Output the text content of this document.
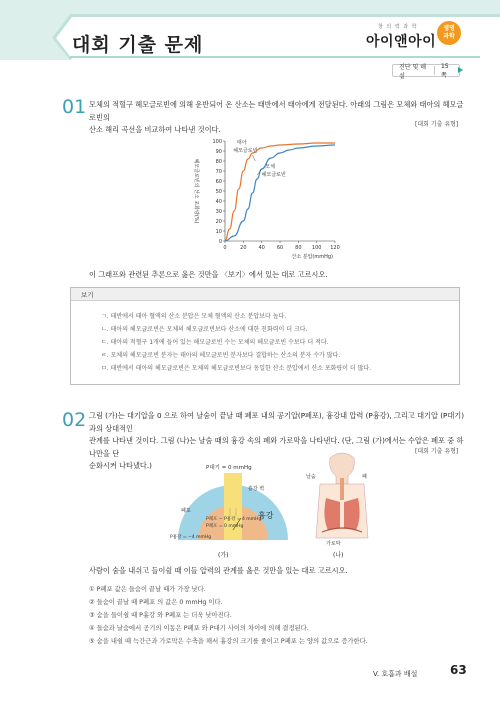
대회 기출 문제
창 의 력 과 학
아이앤아이
생명
과학
진단 및 해설
15쪽
01 모체의 적혈구 헤모글로빈에 의해 운반되어 온 산소는 태반에서 태아에게 전달된다. 아래의 그림은 모체와 태아의 헤모글로빈의
산소 해리 곡선을 비교하여 나타낸 것이다.
[대회 기출 유형]
0
10
20
30
40
50
60
70
80
90
100
0	20 40 60 80 100 120
산소 분압(mmHg)
헤모글로빈의 산소 포화량(%)
태아
헤모글로빈
모체
헤모글로빈
이 그래프와 관련된 추론으로 옳은 것만을 〈보기〉에서 있는 대로 고르시오.
보기
ㄱ. 태반에서 태아 혈액의 산소 분압은 모체 혈액의 산소 분압보다 높다.
ㄴ. 태아의 헤모글로빈은 모체의 헤모글로빈보다 산소에 대한 친화력이 더 크다.
ㄷ. 태아의 적혈구 1개에 들어 있는 헤모글로빈 수는 모체의 헤모글로빈 수보다 더 적다.
ㄹ. 모체의 헤모글로빈 분자는 태아의 헤모글로빈 분자보다 결합하는 산소의 분자 수가 많다.
ㅁ. 태반에서 태아의 헤모글로빈은 모체의 헤모글로빈보다 동일한 산소 분압에서 산소 포화량이 더 많다.
02 그림 (가)는 대기압을 0 으로 하여 날숨이 끝날 때 폐포 내의 공기압(P폐포), 흉강내 압력 (P흉강), 그리고 대기압 (P대기)과의 상대적인
관계를 나타낸 것이다. 그림 (나)는 날숨 때의 흉강 속의 폐와 가로막을 나타낸다. (단, 그림 (가)에서는 수압은 폐포 중 하나만을 단
순화시켜 나타냈다.)
[대회 기출 유형]
P대기 = 0 mmHg
흉강 벽
폐포	흉강
P폐포 − P흉강 = 4 mmHg
P폐포 = 0 mmHg
P흉강 = −4 mmHg
(가)
날숨	폐
가로막
(나)
사람이 숨을 내쉬고 들이쉴 때 이들 압력의 관계를 옳은 것만을 있는 대로 고르시오.
① P폐포 값은 들숨이 끝날 때가 가장 낮다.
② 들숨이 끝날 때 P폐포 의 값은 0 mmHg 이다.
③ 숨을 들이쉴 때 P흉강 와 P폐포 는 더욱 낮아진다.
④ 들숨과 날숨에서 공기의 이동은 P폐포 와 P대기 사이의 차이에 의해 결정된다.
⑤ 숨을 내쉴 때 늑간근과 가로막은 수축을 해서 흉강의 크기를 줄이고 P폐포 는 양의 값으로 증가한다.
V. 호흡과 배설	63
